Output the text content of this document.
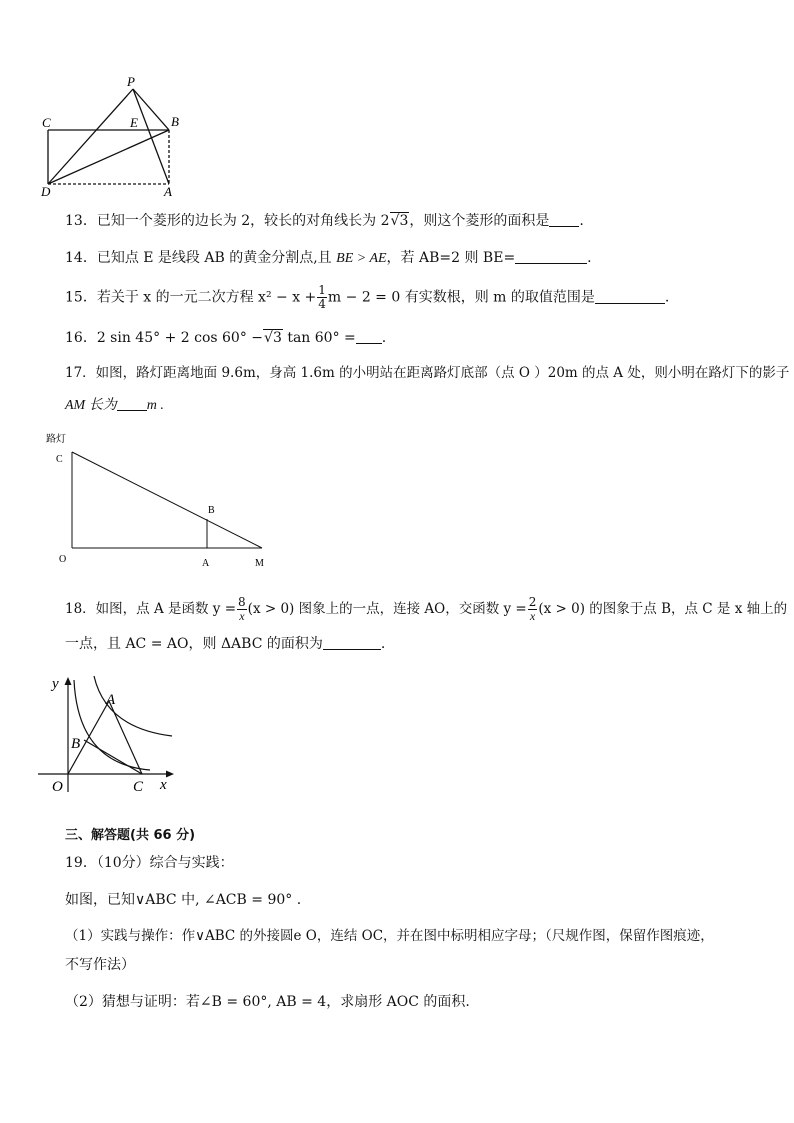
P
C	E	B
D	A
13．已知一个菱形的边长为 2，较长的对角线长为 2√3，则这个菱形的面积是 .
14．已知点 E 是线段 AB 的黄金分割点,且 BE > AE，若 AB=2 则 BE=	.
15．若关于 x 的一元二次方程 $x^2 - x + \frac{1}{4}$ m − 2 = 0 有实数根，则 m 的取值范围是	.
16．2 sin 45° + 2 cos 60° −√3 tan 60° = .
17．如图，路灯距离地面 9.6m，身高 1.6m 的小明站在距离路灯底部（点 O ）20m 的点 A 处，则小明在路灯下的影子
AM 长为 m .
路灯
C
B
O	A	M
18．如图，点 A 是函数 $y = \frac{8}{x} (x > 0)$ 图象上的一点，连接 AO，交函数 $y = \frac{2}{x} (x > 0)$ 的图象于点 B，点 C 是 x 轴上的
一点，且 AC = AO，则 ΔABC 的面积为	.
y
A
B
O	C x
三、解答题(共 66 分)
19．（10分）综合与实践：
如图，已知∨ABC 中, ∠ACB = 90° .
（1）实践与操作：作∨ABC 的外接圆e O，连结 OC，并在图中标明相应字母；（尺规作图，保留作图痕迹，
不写作法）
（2）猜想与证明：若∠B = 60°, AB = 4，求扇形 AOC 的面积.
